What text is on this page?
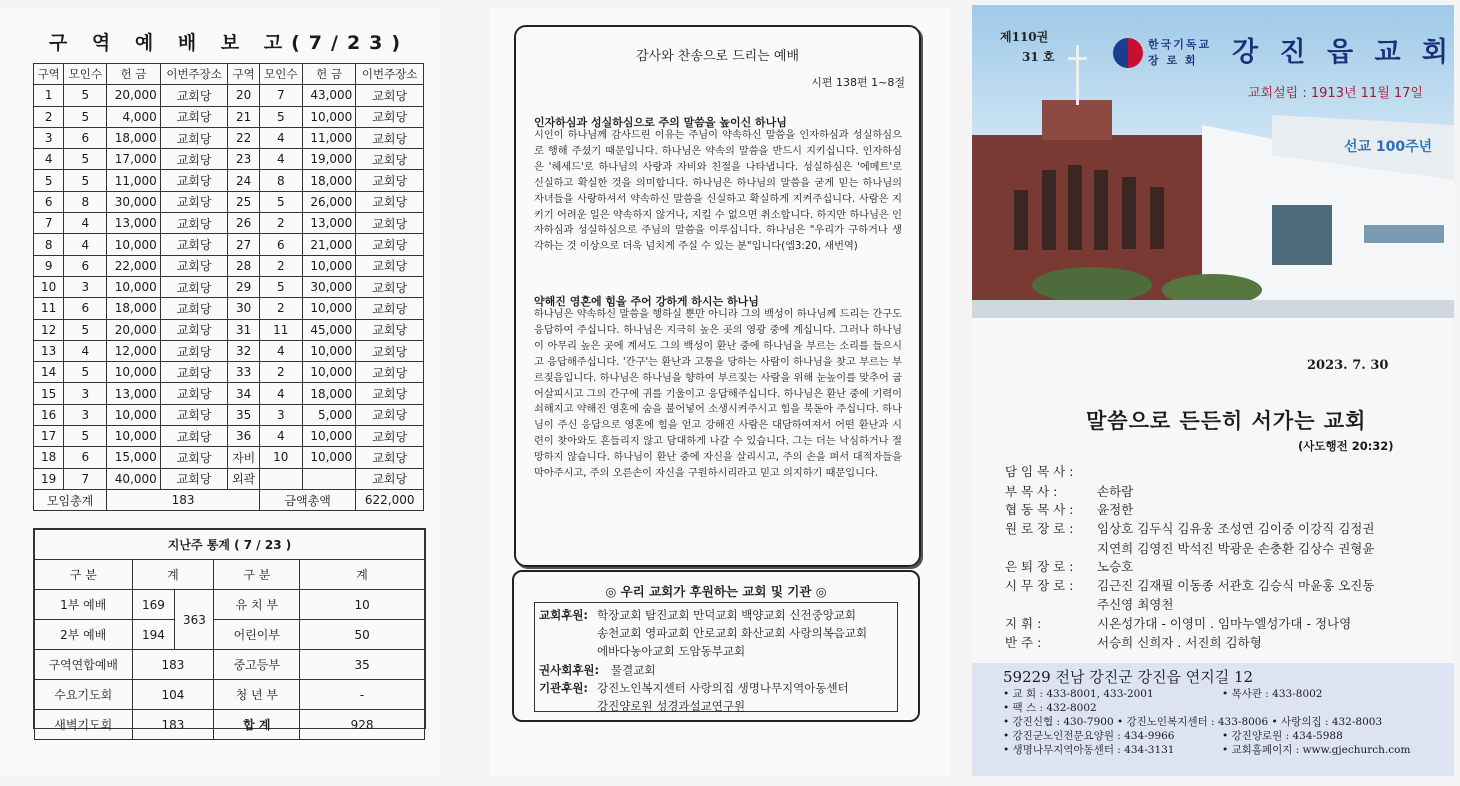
구 역 예 배 보 고(7/23)
구역	모인수	헌 금	이번주장소	구역	모인수	헌 금	이번주장소
1	5	20,000	교회당	20	7	43,000	교회당
2	5	4,000	교회당	21	5	10,000	교회당
3	6	18,000	교회당	22	4	11,000	교회당
4	5	17,000	교회당	23	4	19,000	교회당
5	5	11,000	교회당	24	8	18,000	교회당
6	8	30,000	교회당	25	5	26,000	교회당
7	4	13,000	교회당	26	2	13,000	교회당
8	4	10,000	교회당	27	6	21,000	교회당
9	6	22,000	교회당	28	2	10,000	교회당
10	3	10,000	교회당	29	5	30,000	교회당
11	6	18,000	교회당	30	2	10,000	교회당
12	5	20,000	교회당	31	11	45,000	교회당
13	4	12,000	교회당	32	4	10,000	교회당
14	5	10,000	교회당	33	2	10,000	교회당
15	3	13,000	교회당	34	4	18,000	교회당
16	3	10,000	교회당	35	3	5,000	교회당
17	5	10,000	교회당	36	4	10,000	교회당
18	6	15,000	교회당	자비	10	10,000	교회당
19	7	40,000	교회당	외곽			교회당
모임총계		183			금액총액		622,000
지난주 통계 ( 7 / 23 )				
구 분	계		구 분	계
1부 예배	169	363	유 치 부	10
2부 예배	194		어린이부	50
구역연합예배	183		중고등부	35
수요기도회	104		청 년 부	-
새벽기도회	183		합 계	928
감사와 찬송으로 드리는 예배
시편 138편 1~8절
인자하심과 성실하심으로 주의 말씀을 높이신 하나님
시인이 하나님께 감사드린 이유는 주님이 약속하신 말씀을 인자하심과 성실하심으로 행해 주셨기 때문입니다. 하나님은 약속의 말씀을 반드시 지키십니다. 인자하심은 '헤세드'로 하나님의 사랑과 자비와 친절을 나타냅니다. 성실하심은 '에메트'로 신실하고 확실한 것을 의미합니다. 하나님은 하나님의 말씀을 굳게 믿는 하나님의 자녀들을 사랑하셔서 약속하신 말씀을 신실하고 확실하게 지켜주십니다. 사람은 지키기 어려운 일은 약속하지 않거나, 지킬 수 없으면 취소합니다. 하지만 하나님은 인자하심과 성실하심으로 주님의 말씀을 이루십니다. 하나님은 "우리가 구하거나 생각하는 것 이상으로 더욱 넘치게 주실 수 있는 분"입니다(엡3:20, 새번역)
약해진 영혼에 힘을 주어 강하게 하시는 하나님
하나님은 약속하신 말씀을 행하실 뿐만 아니라 그의 백성이 하나님께 드리는 간구도 응답하여 주십니다. 하나님은 지극히 높은 곳의 영광 중에 계십니다. 그러나 하나님이 아무리 높은 곳에 계셔도 그의 백성이 환난 중에 하나님을 부르는 소리를 들으시고 응답해주십니다. '간구'는 환난과 고통을 당하는 사람이 하나님을 찾고 부르는 부르짖음입니다. 하나님은 하나님을 향하여 부르짖는 사람을 위해 눈높이를 맞추어 굽어살피시고 그의 간구에 귀를 기울이고 응답해주십니다. 하나님은 환난 중에 기력이 쇠해지고 약해진 영혼에 숨을 불어넣어 소생시켜주시고 힘을 북돋아 주십니다. 하나님이 주신 응답으로 영혼에 힘을 얻고 강해진 사람은 대담하여져서 어떤 환난과 시련이 찾아와도 흔들리지 않고 담대하게 나갈 수 있습니다. 그는 더는 낙심하거나 절망하지 않습니다. 하나님이 환난 중에 자신을 살리시고, 주의 손을 펴서 대적자들을 막아주시고, 주의 오른손이 자신을 구원하시리라고 믿고 의지하기 때문입니다.
◎ 우리 교회가 후원하는 교회 및 기관 ◎
교회후원: 학장교회 탐진교회 만덕교회 백양교회 신전중앙교회
송천교회 영파교회 안로교회 화산교회 사랑의복음교회
에바다농아교회 도암동부교회
권사회후원: 물결교회
기관후원: 강진노인복지센터 사랑의집 생명나무지역아동센터
강진양로원 성경과설교연구원
선교 100주년
제110권
31 호
한국기독교
장 로 회 강 진 읍 교 회
교회설립 : 1913년 11월 17일
2023. 7. 30
말씀으로 든든히 서가는 교회
(사도행전 20:32)
담 임 목 사 :
부 목 사 :	손하람
협 동 목 사 : 윤정한
원 로 장 로 : 임상호 김두식 김유웅 조성연 김이중 이강직 김정권
지연희 김영진 박석진 박광운 손충환 김상수 권형윤
은 퇴 장 로 : 노승호
시 무 장 로 : 김근진 김재필 이동종 서관호 김승식 마윤홍 오진동
주신영 최영천
지 휘 :	시온성가대 - 이영미 . 임마누엘성가대 - 정나영
반 주 :	서승희 신희자 . 서진희 김하형
59229 전남 강진군 강진읍 연지길 12
• 교 회 : 433-8001, 433-2001	• 목사관 : 433-8002
• 팩 스 : 432-8002
• 강진신협 : 430-7900 • 강진노인복지센터 : 433-8006 • 사랑의집 : 432-8003
• 강진군노인전문요양원 : 434-9966	• 강진양로원 : 434-5988
• 생명나무지역아동센터 : 434-3131	• 교회홈페이지 : www.gjechurch.com
